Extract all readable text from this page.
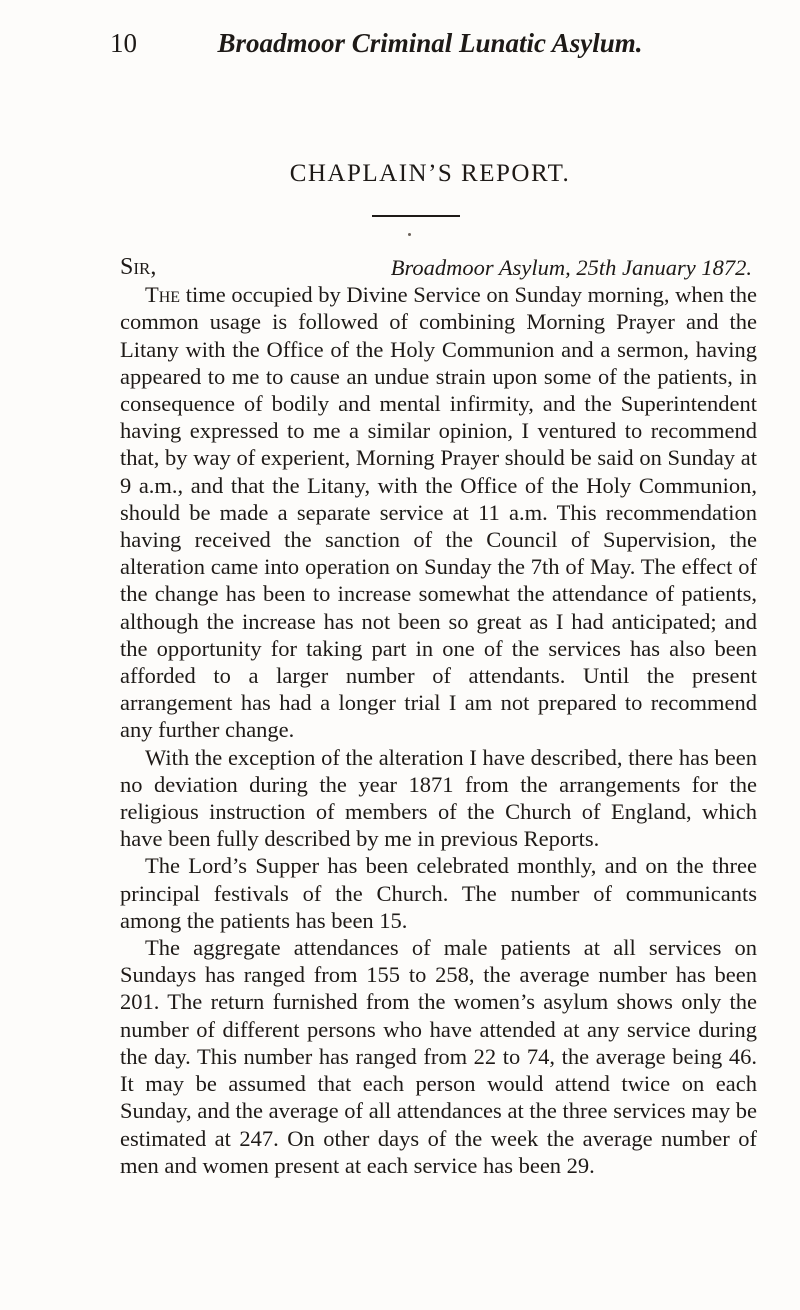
10	Broadmoor Criminal Lunatic Asylum.
CHAPLAIN’S REPORT.
Sir,	Broadmoor Asylum, 25th January 1872.

The time occupied by Divine Service on Sunday morning, when the common usage is followed of combining Morning Prayer and the Litany with the Office of the Holy Communion and a sermon, having appeared to me to cause an undue strain upon some of the patients, in consequence of bodily and mental infirmity, and the Superintendent having expressed to me a similar opinion, I ventured to recommend that, by way of experient, Morning Prayer should be said on Sunday at 9 a.m., and that the Litany, with the Office of the Holy Communion, should be made a separate service at 11 a.m. This recommendation having received the sanction of the Council of Supervision, the alteration came into operation on Sunday the 7th of May. The effect of the change has been to increase somewhat the attendance of patients, although the increase has not been so great as I had anticipated; and the opportunity for taking part in one of the services has also been afforded to a larger number of attendants. Until the present arrangement has had a longer trial I am not prepared to recommend any further change.

With the exception of the alteration I have described, there has been no deviation during the year 1871 from the arrangements for the religious instruction of members of the Church of England, which have been fully described by me in previous Reports.

The Lord’s Supper has been celebrated monthly, and on the three principal festivals of the Church. The number of communicants among the patients has been 15.

The aggregate attendances of male patients at all services on Sundays has ranged from 155 to 258, the average number has been 201. The return furnished from the women’s asylum shows only the number of different persons who have attended at any service during the day. This number has ranged from 22 to 74, the average being 46. It may be assumed that each person would attend twice on each Sunday, and the average of all attendances at the three services may be estimated at 247. On other days of the week the average number of men and women present at each service has been 29.
